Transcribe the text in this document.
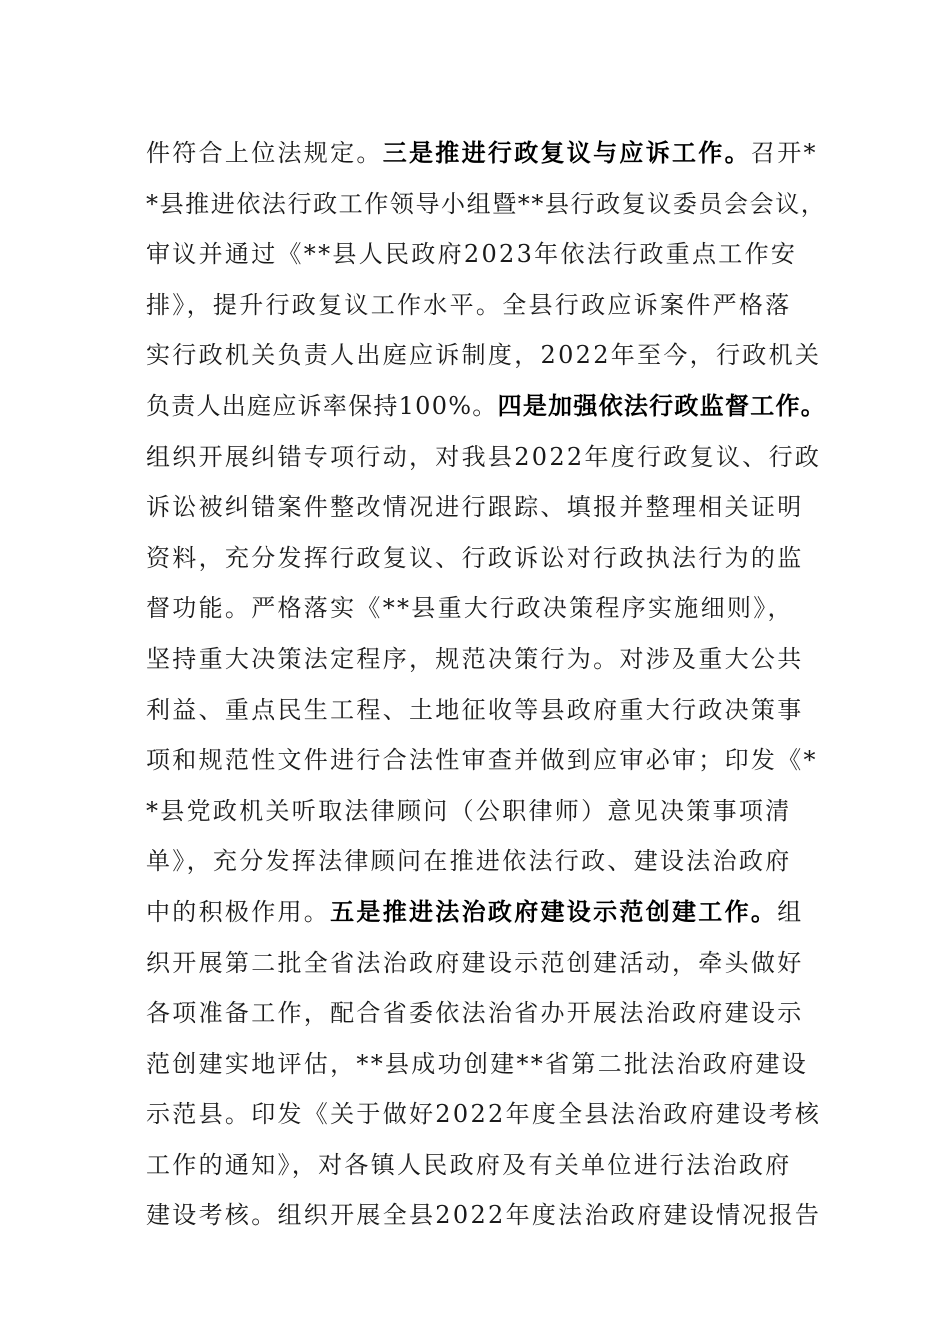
件符合上位法规定。三是推进行政复议与应诉工作。召开*
*县推进依法行政工作领导小组暨**县行政复议委员会会议，
审议并通过《**县人民政府2023年依法行政重点工作安
排》，提升行政复议工作水平。全县行政应诉案件严格落
实行政机关负责人出庭应诉制度，2022年至今，行政机关
负责人出庭应诉率保持100%。四是加强依法行政监督工作。
组织开展纠错专项行动，对我县2022年度行政复议、行政
诉讼被纠错案件整改情况进行跟踪、填报并整理相关证明
资料，充分发挥行政复议、行政诉讼对行政执法行为的监
督功能。严格落实《**县重大行政决策程序实施细则》，
坚持重大决策法定程序，规范决策行为。对涉及重大公共
利益、重点民生工程、土地征收等县政府重大行政决策事
项和规范性文件进行合法性审查并做到应审必审；印发《*
*县党政机关听取法律顾问（公职律师）意见决策事项清
单》，充分发挥法律顾问在推进依法行政、建设法治政府
中的积极作用。五是推进法治政府建设示范创建工作。组
织开展第二批全省法治政府建设示范创建活动，牵头做好
各项准备工作，配合省委依法治省办开展法治政府建设示
范创建实地评估，**县成功创建**省第二批法治政府建设
示范县。印发《关于做好2022年度全县法治政府建设考核
工作的通知》，对各镇人民政府及有关单位进行法治政府
建设考核。组织开展全县2022年度法治政府建设情况报告
